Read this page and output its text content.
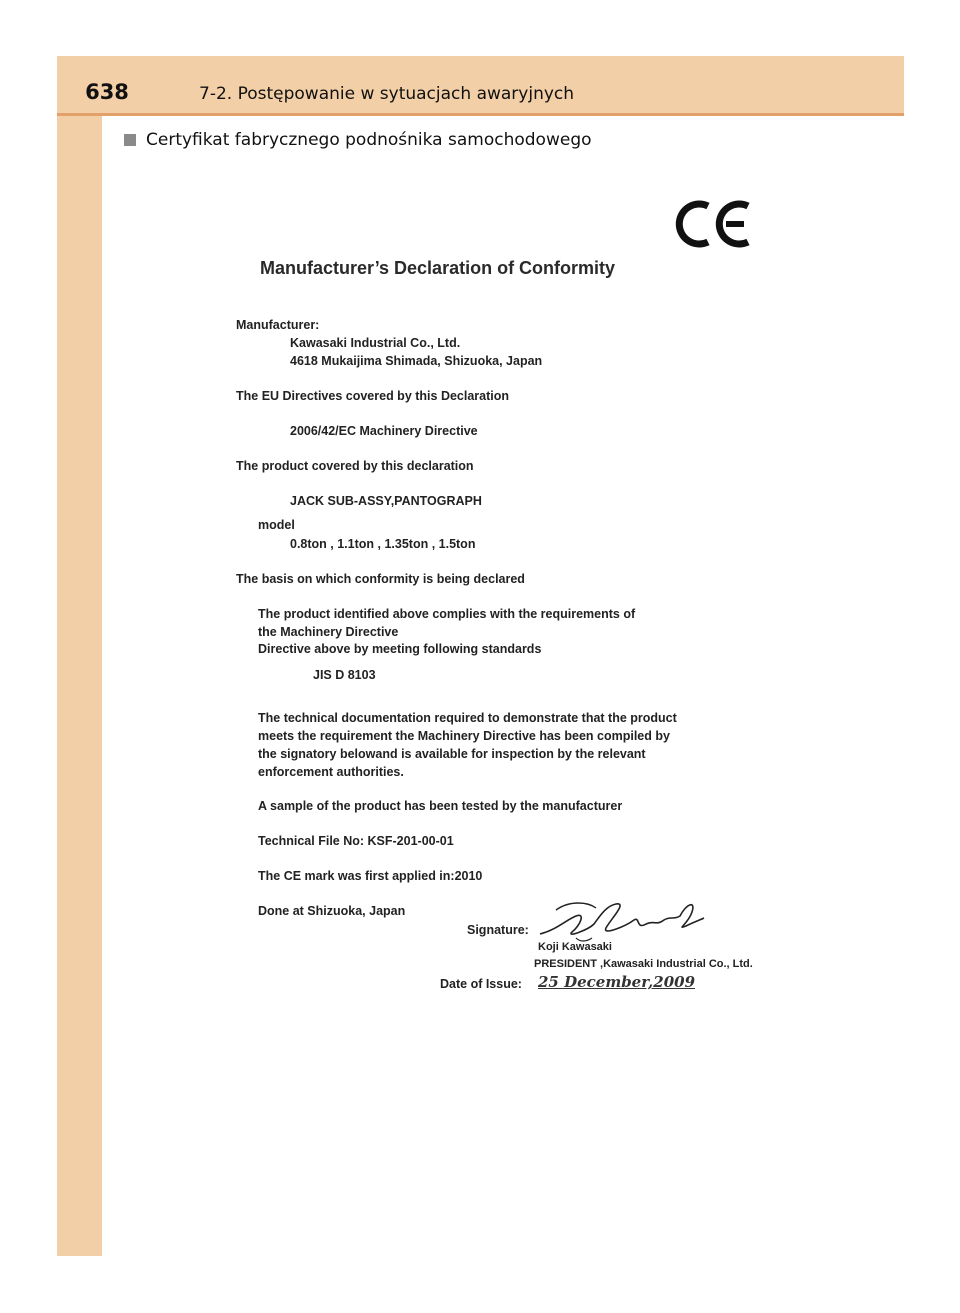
638	7-2. Postępowanie w sytuacjach awaryjnych
Certyfikat fabrycznego podnośnika samochodowego
Manufacturer’s Declaration of Conformity
Manufacturer:
Kawasaki Industrial Co., Ltd.
4618 Mukaijima Shimada, Shizuoka, Japan
The EU Directives covered by this Declaration
2006/42/EC Machinery Directive
The product covered by this declaration
JACK SUB-ASSY,PANTOGRAPH
model
0.8ton , 1.1ton , 1.35ton , 1.5ton
The basis on which conformity is being declared
The product identified above complies with the requirements of
the Machinery Directive
Directive above by meeting following standards
JIS D 8103
The technical documentation required to demonstrate that the product
meets the requirement the Machinery Directive has been compiled by
the signatory belowand is available for inspection by the relevant
enforcement authorities.
A sample of the product has been tested by the manufacturer
Technical File No: KSF-201-00-01
The CE mark was first applied in:2010
Done at Shizuoka, Japan
Signature:
Koji Kawasaki
PRESIDENT ,Kawasaki Industrial Co., Ltd.
Date of Issue: 25 December,2009
